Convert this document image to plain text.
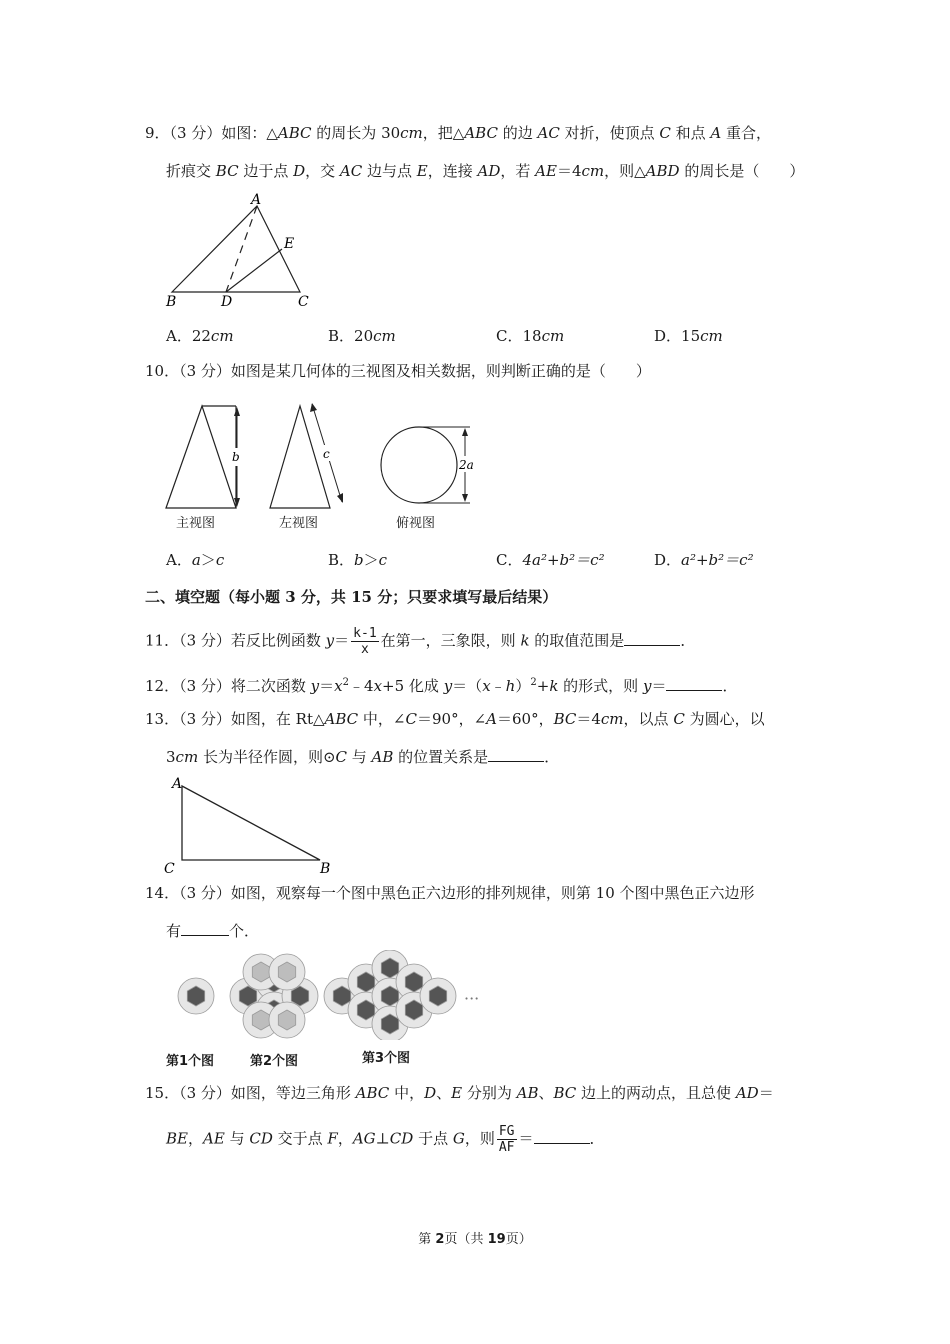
9．（3 分）如图：△ABC 的周长为 30cm，把△ABC 的边 AC 对折，使顶点 C 和点 A 重合，
折痕交 BC 边于点 D，交 AC 边与点 E，连接 AD，若 AE＝4cm，则△ABD 的周长是（　　）
A
B	C
D
E
A．22cm	B．20cm	C．18cm	D．15cm
10．（3 分）如图是某几何体的三视图及相关数据，则判断正确的是（　　）
b	c
2a
主视图	左视图	俯视图
A．a＞c	B．b＞c	C．4a²+b²＝c²	D．a²+b²＝c²
二、填空题（每小题 3 分，共 15 分；只要求填写最后结果）
11．（3 分）若反比例函数 $y= \frac{k-1}{x}$ 在第一，三象限，则 k 的取值范围是	．
12．（3 分）将二次函数 $y=x^2﹣4x+5$ 化成 y＝（x﹣h）$^2$+k 的形式，则 y＝	．
13．（3 分）如图，在 Rt△ABC 中，∠C＝90°，∠A＝60°，BC＝4cm，以点 C 为圆心，以
3cm 长为半径作圆，则⊙C 与 AB 的位置关系是	．
A
C	B
14．（3 分）如图，观察每一个图中黑色正六边形的排列规律，则第 10 个图中黑色正六边形
有	个．
···
第1个图	第2个图	第3个图
15．（3 分）如图，等边三角形 ABC 中，D、E 分别为 AB、BC 边上的两动点，且总使 AD＝
BE，AE 与 CD 交于点 F，AG⊥CD 于点 G，则 $\frac{FG}{AF}$ ＝	．
第 2页（共 19页）
